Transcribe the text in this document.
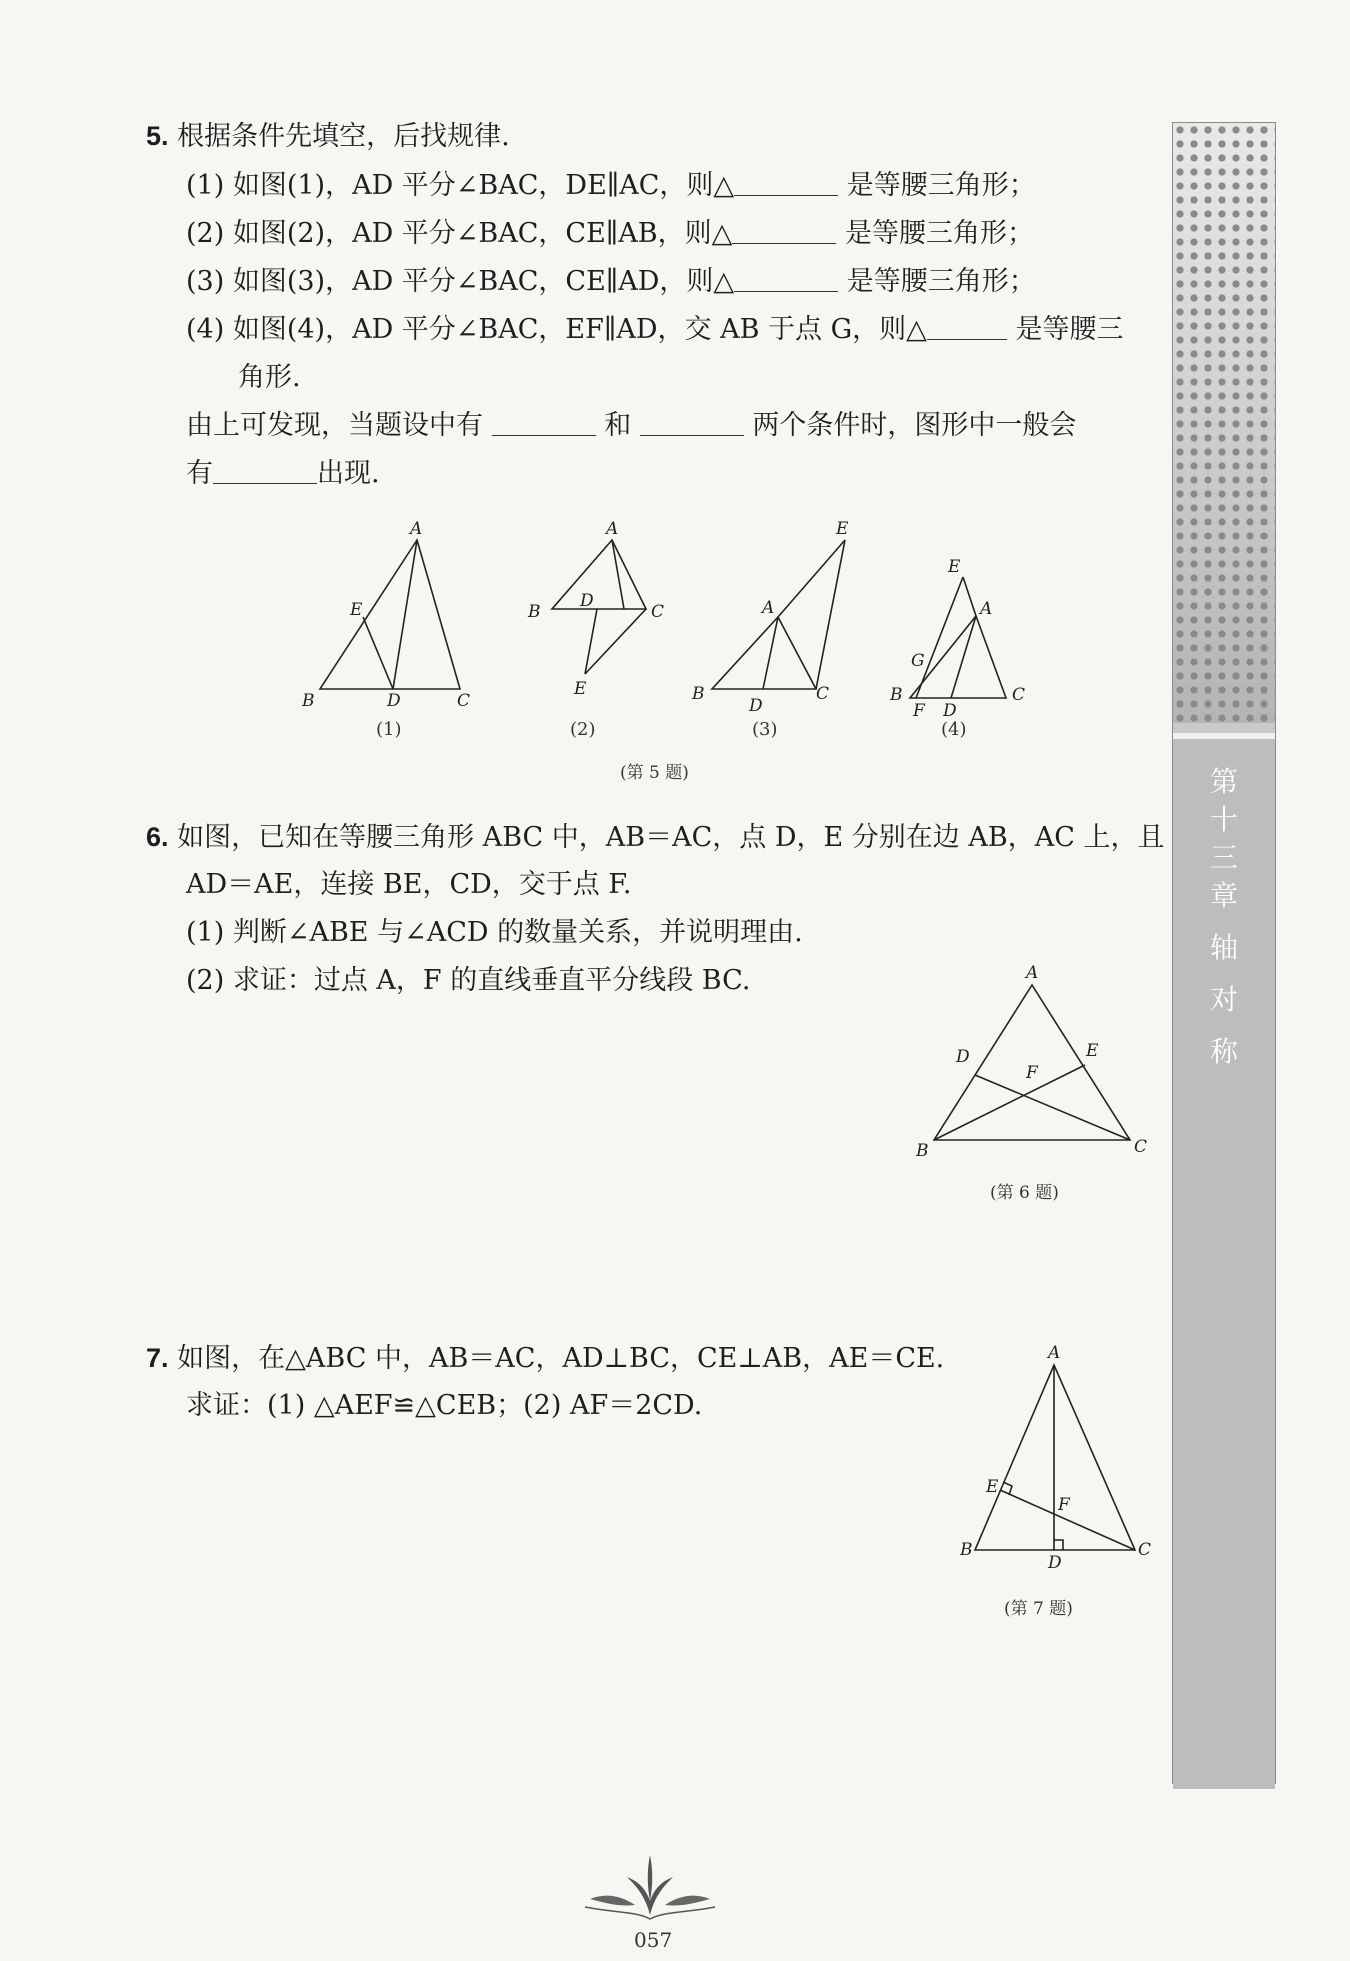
5. 根据条件先填空，后找规律.
(1) 如图(1)，AD 平分∠BAC，DE∥AC，则△	是等腰三角形；
(2) 如图(2)，AD 平分∠BAC，CE∥AB，则△	是等腰三角形；
(3) 如图(3)，AD 平分∠BAC，CE∥AD，则△	是等腰三角形；
(4) 如图(4)，AD 平分∠BAC，EF∥AD，交 AB 于点 G，则△	是等腰三
角形.
由上可发现，当题设中有	和	两个条件时，图形中一般会
有	出现.
A
E
B	D	C
(1)
A
B
D
C
E
(2)
E
A
B
D
C
(3)
E
A
G
B
F D
C
(4)
(第 5 题)
6. 如图，已知在等腰三角形 ABC 中，AB＝AC，点 D，E 分别在边 AB，AC 上，且
AD＝AE，连接 BE，CD，交于点 F.
(1) 判断∠ABE 与∠ACD 的数量关系，并说明理由.
(2) 求证：过点 A，F 的直线垂直平分线段 BC.	A
D	E
F
B	C
(第 6 题)
7. 如图，在△ABC 中，AB＝AC，AD⊥BC，CE⊥AB，AE＝CE.
求证：(1) △AEF≌△CEB；(2) AF＝2CD.
A
E
F
B
D
C
(第 7 题)
第
十
三
章
轴
对
称
057
